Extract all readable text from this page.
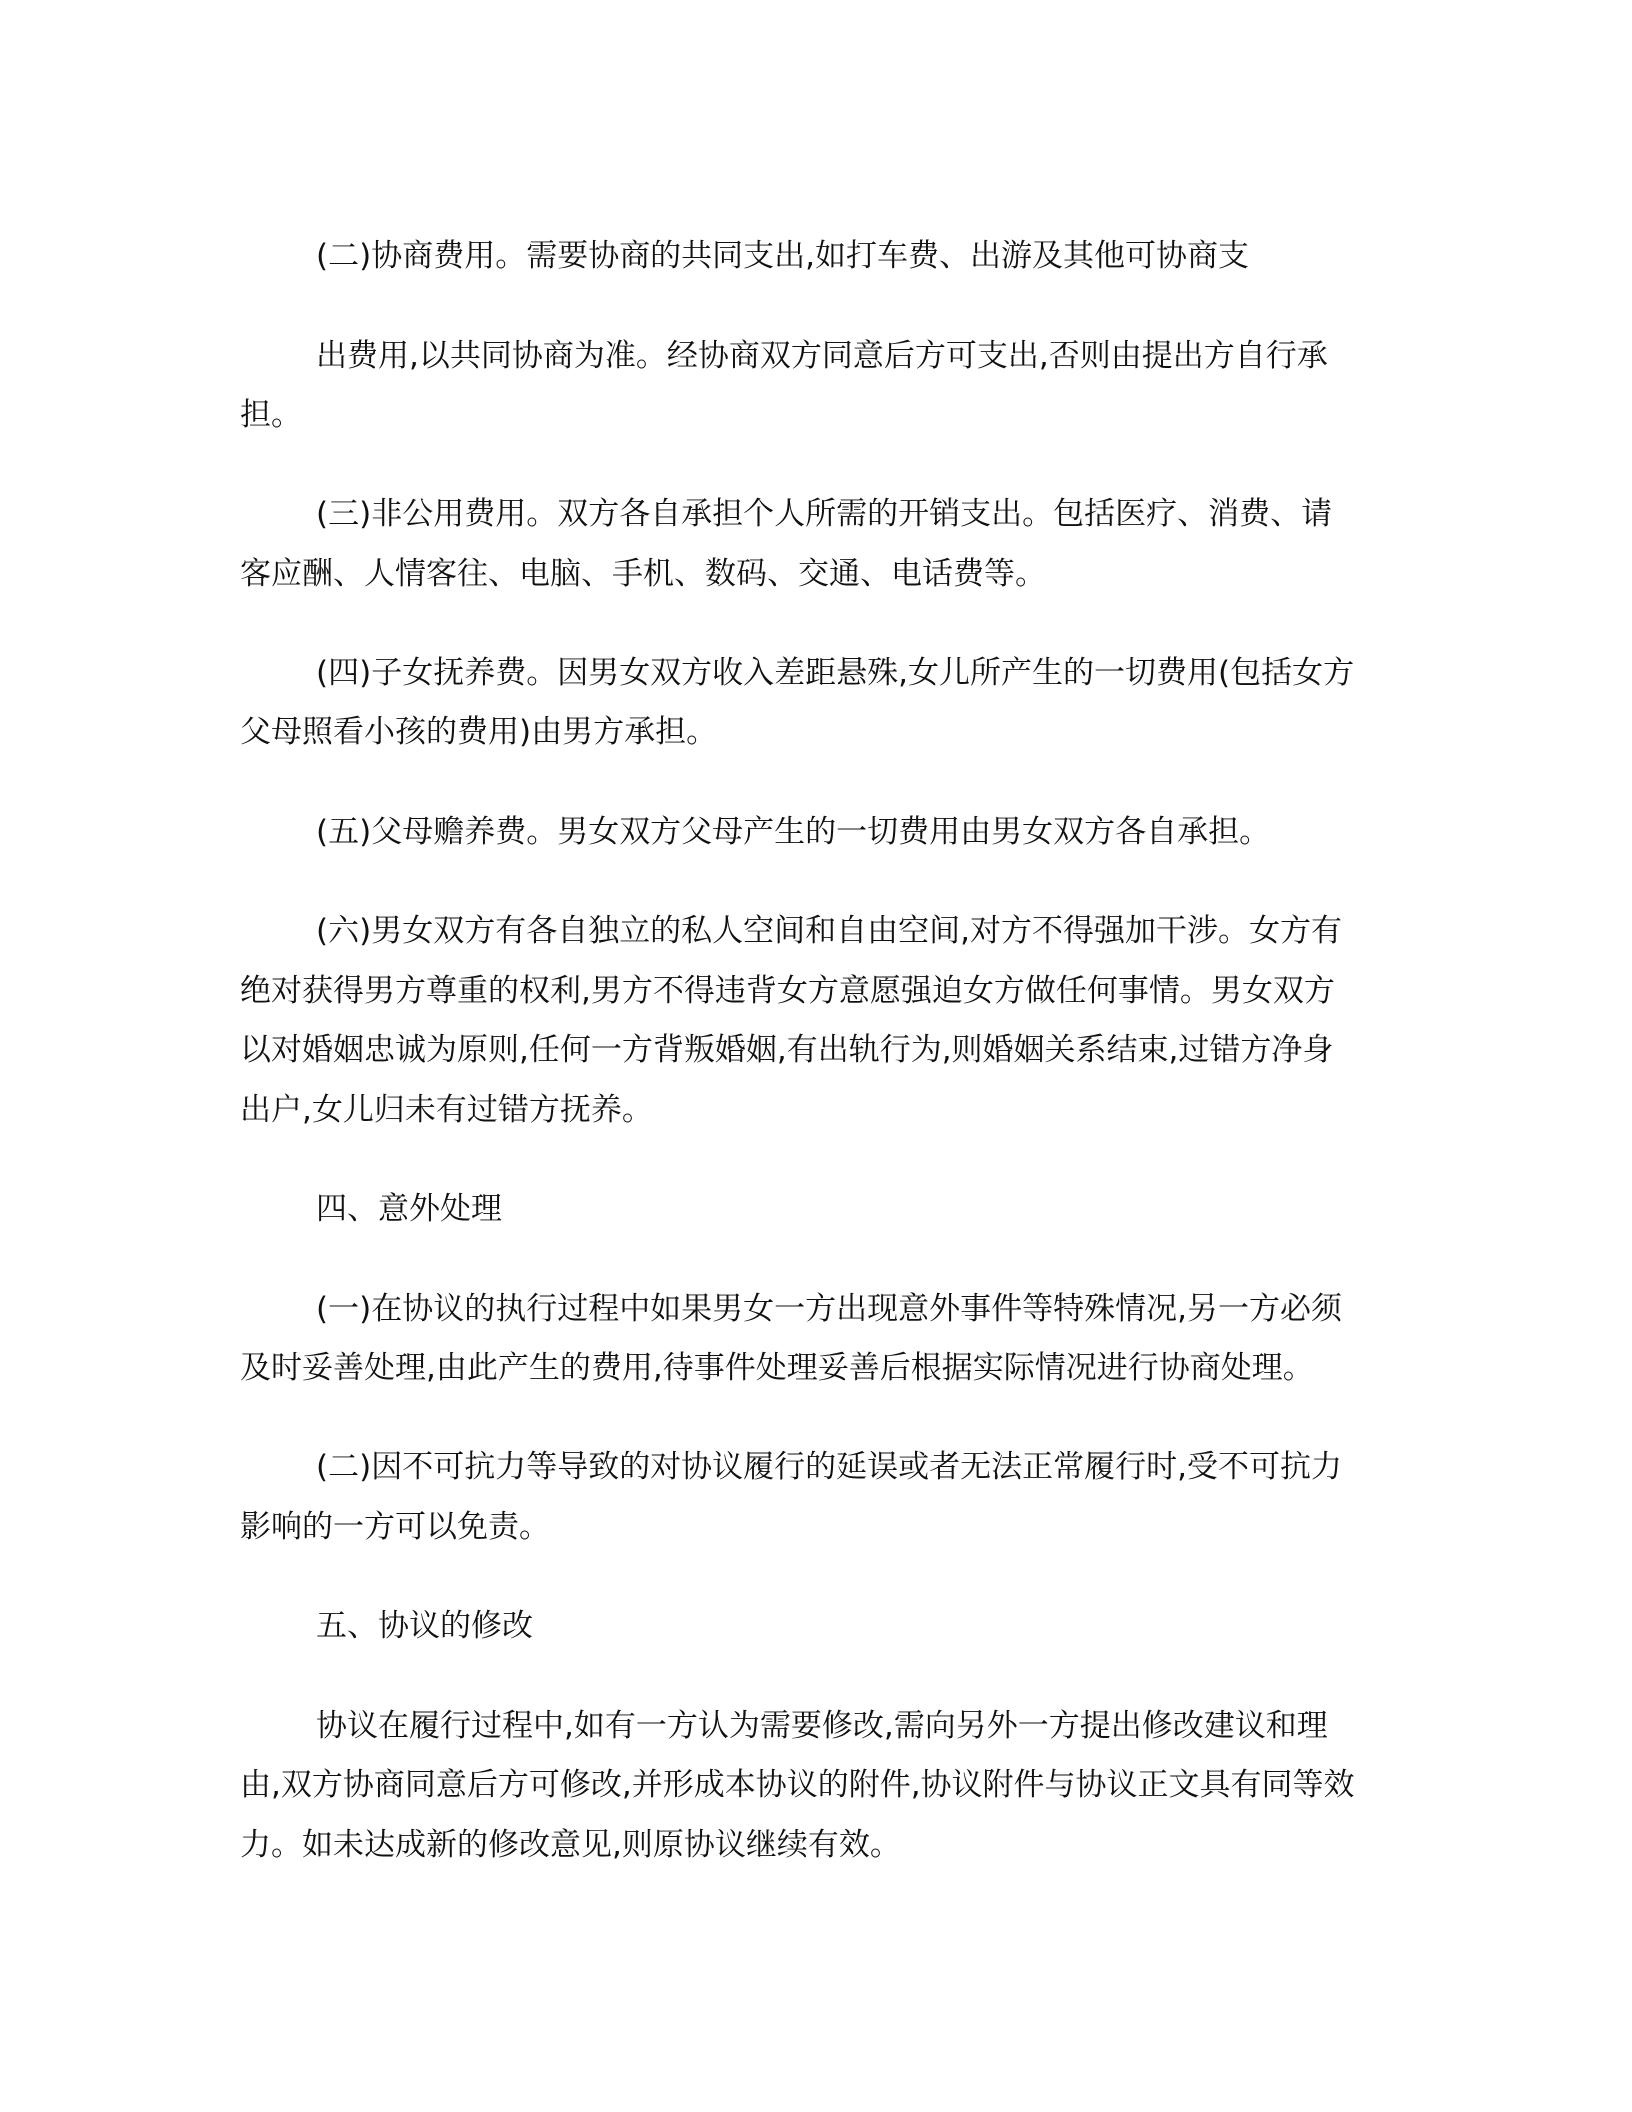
(二)协商费用。需要协商的共同支出,如打车费、出游及其他可协商支
出费用,以共同协商为准。经协商双方同意后方可支出,否则由提出方自行承
担。
(三)非公用费用。双方各自承担个人所需的开销支出。包括医疗、消费、请
客应酬、人情客往、电脑、手机、数码、交通、电话费等。
(四)子女抚养费。因男女双方收入差距悬殊,女儿所产生的一切费用(包括女方
父母照看小孩的费用)由男方承担。
(五)父母赡养费。男女双方父母产生的一切费用由男女双方各自承担。
(六)男女双方有各自独立的私人空间和自由空间,对方不得强加干涉。女方有
绝对获得男方尊重的权利,男方不得违背女方意愿强迫女方做任何事情。男女双方
以对婚姻忠诚为原则,任何一方背叛婚姻,有出轨行为,则婚姻关系结束,过错方净身
出户,女儿归未有过错方抚养。
四、意外处理
(一)在协议的执行过程中如果男女一方出现意外事件等特殊情况,另一方必须
及时妥善处理,由此产生的费用,待事件处理妥善后根据实际情况进行协商处理。
(二)因不可抗力等导致的对协议履行的延误或者无法正常履行时,受不可抗力
影响的一方可以免责。
五、协议的修改
协议在履行过程中,如有一方认为需要修改,需向另外一方提出修改建议和理
由,双方协商同意后方可修改,并形成本协议的附件,协议附件与协议正文具有同等效
力。如未达成新的修改意见,则原协议继续有效。
